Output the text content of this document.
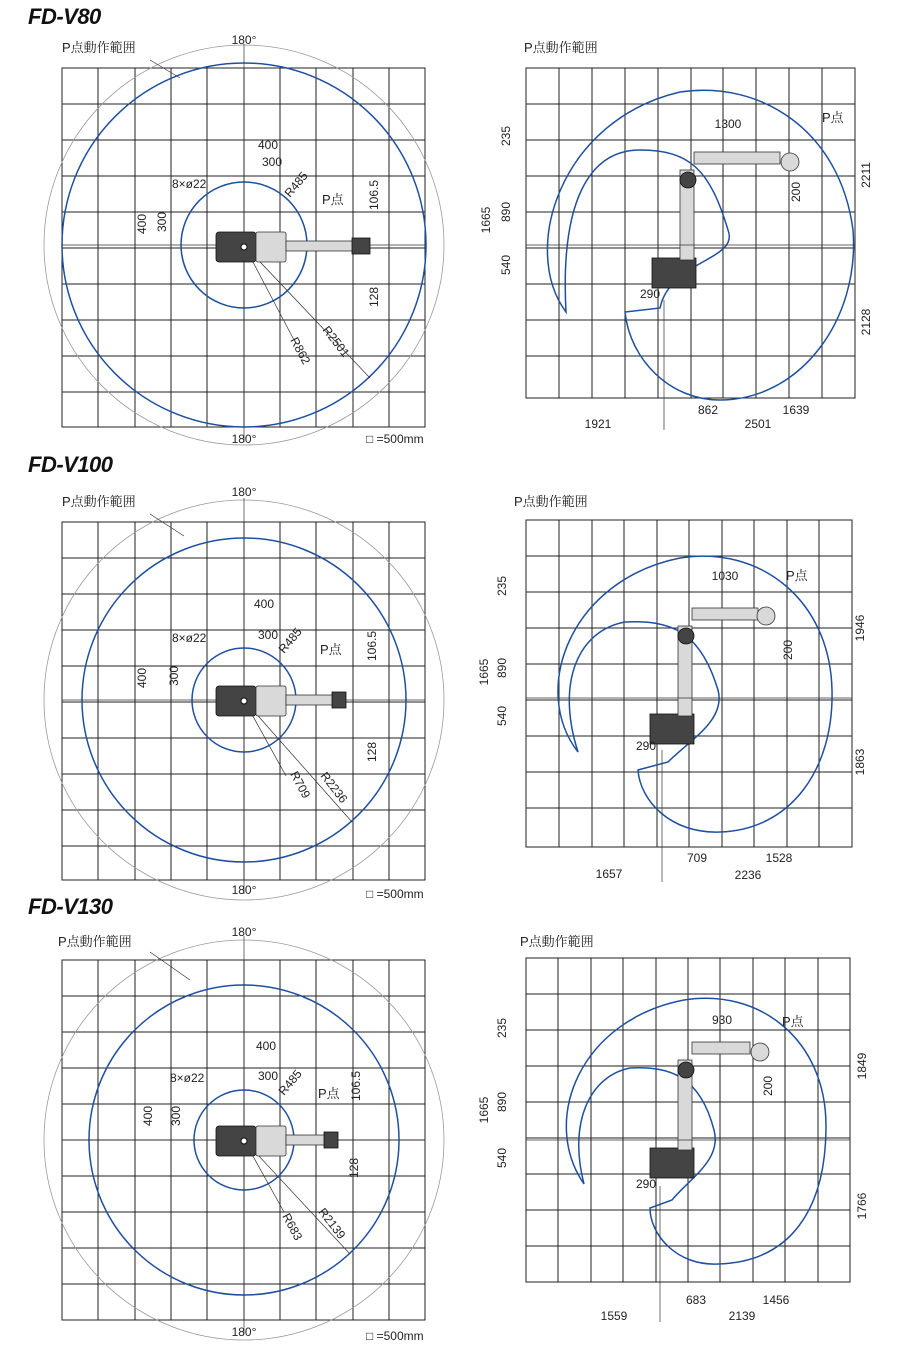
FD-V80
180°
180°
P点動作範囲
400
300
8×ø22	R485 P点 106.5
400 300
128
R862 R2501
□ =500mm
P点動作範囲
P点
1300
235
1665 890
540
200
290
2211
2128
1921
862	1639
2501
FD-V100
180°
180°
P点動作範囲
400
300
8×ø22	R485 P点 106.5
400 300
128
R709 R2236
□ =500mm
P点動作範囲
P点
1030
235
1665 890
540
200
290
1946
1863
1657
709	1528
2236
FD-V130
180°
180°
P点動作範囲
400
300
8×ø22	R485 P点 106.5
400 300
128
R683 R2139
□ =500mm
P点動作範囲
P点
930
235
1665 890
540
200
290
1849
1766
1559
683	1456
2139
